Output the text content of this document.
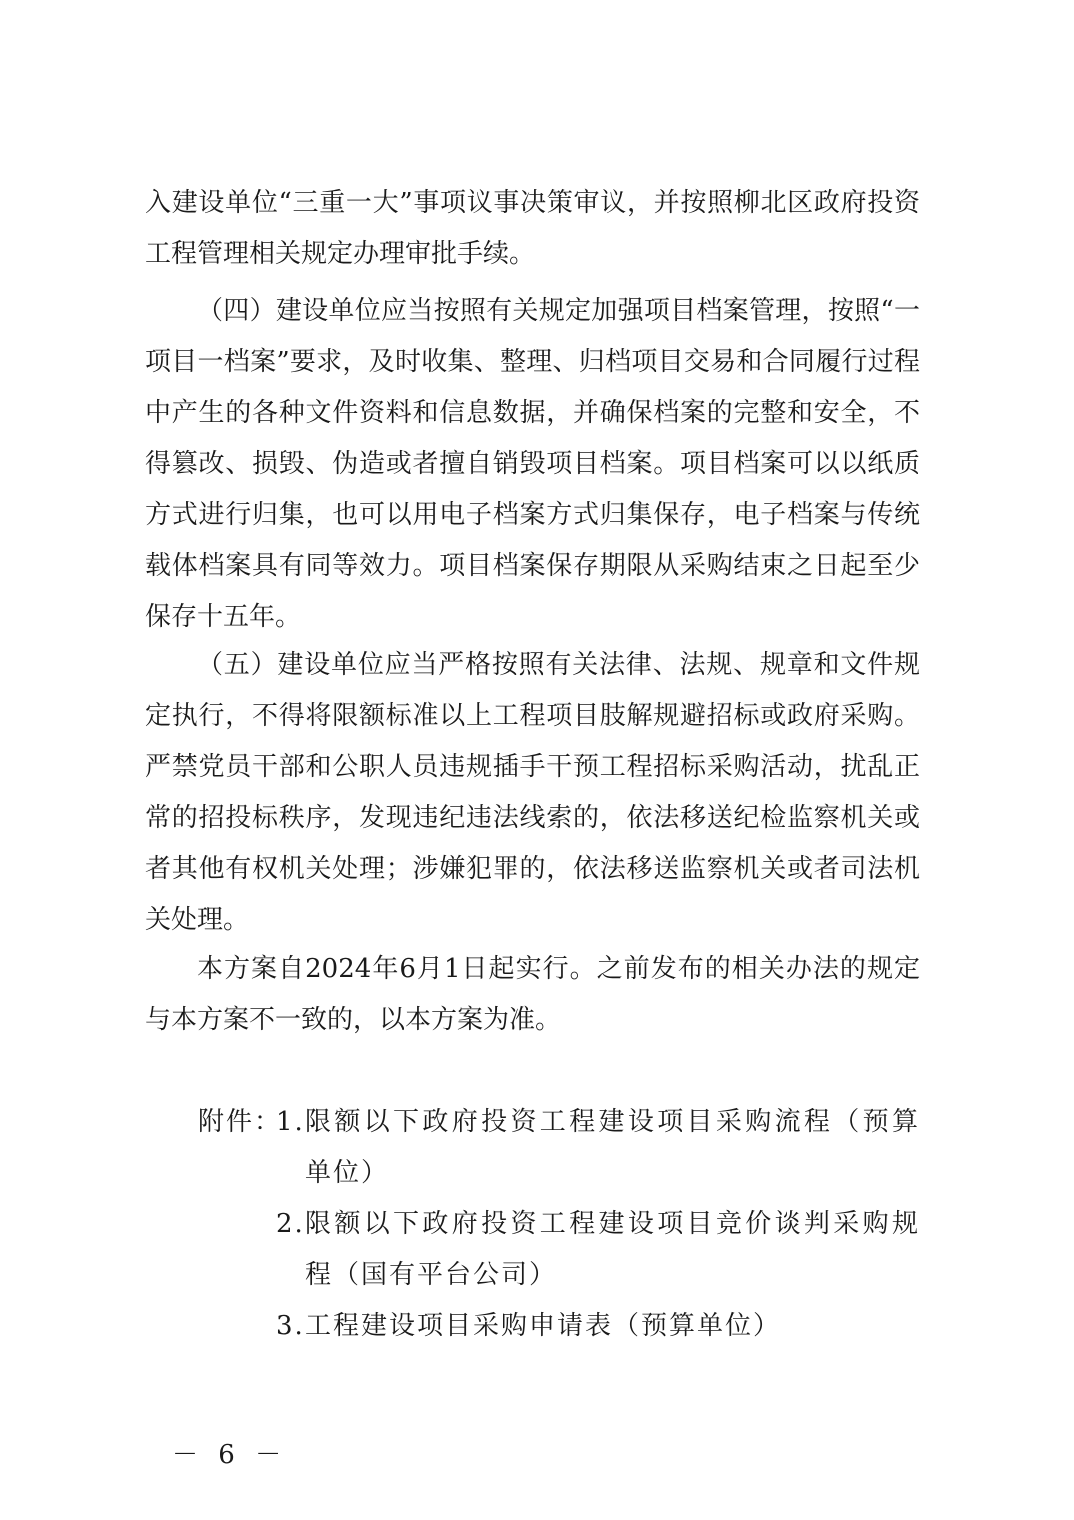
入建设单位“三重一大”事项议事决策审议，并按照柳北区政府投资工程管理相关规定办理审批手续。

（四）建设单位应当按照有关规定加强项目档案管理，按照“一项目一档案”要求，及时收集、整理、归档项目交易和合同履行过程中产生的各种文件资料和信息数据，并确保档案的完整和安全，不得篡改、损毁、伪造或者擅自销毁项目档案。项目档案可以以纸质方式进行归集，也可以用电子档案方式归集保存，电子档案与传统载体档案具有同等效力。项目档案保存期限从采购结束之日起至少保存十五年。

（五）建设单位应当严格按照有关法律、法规、规章和文件规定执行，不得将限额标准以上工程项目肢解规避招标或政府采购。严禁党员干部和公职人员违规插手干预工程招标采购活动，扰乱正常的招投标秩序，发现违纪违法线索的，依法移送纪检监察机关或者其他有权机关处理；涉嫌犯罪的，依法移送监察机关或者司法机关处理。

本方案自2024年6月1日起实行。之前发布的相关办法的规定与本方案不一致的，以本方案为准。

附件：
1. 限额以下政府投资工程建设项目采购流程（预算单位）
2. 限额以下政府投资工程建设项目竞价谈判采购规程（国有平台公司）
3. 工程建设项目采购申请表（预算单位）
－ 6 －
